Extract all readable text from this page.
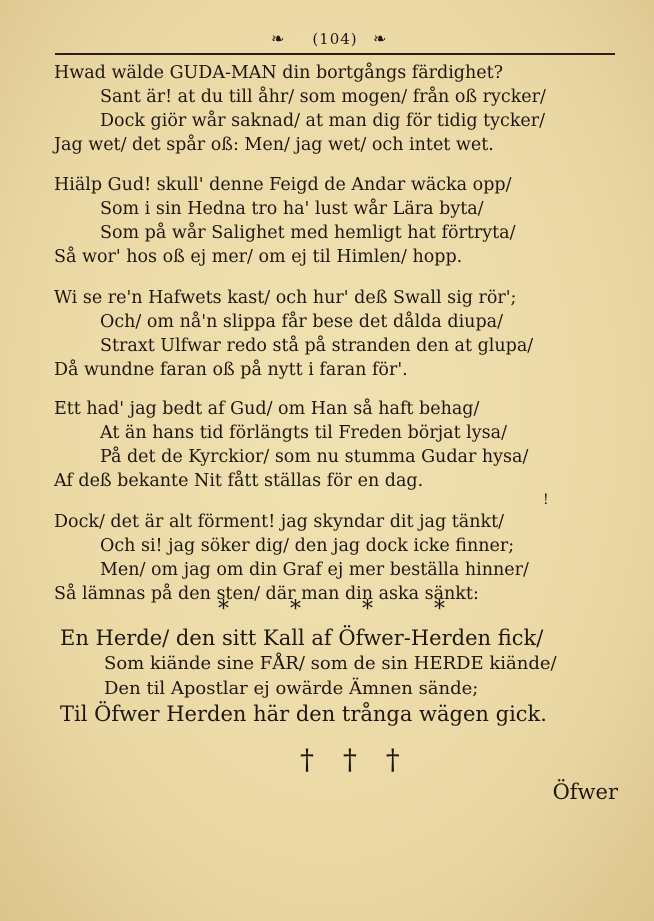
❧	(104) ❧
Hwad wälde GUDA-MAN din bortgångs färdighet?
Sant är! at du till åhr/ som mogen/ från oß rycker/
Dock giör wår saknad/ at man dig för tidig tycker/
Jag wet/ det spår oß: Men/ jag wet/ och intet wet.
Hiälp Gud! skull' denne Feigd de Andar wäcka opp/
Som i sin Hedna tro ha' lust wår Lära byta/
Som på wår Salighet med hemligt hat förtryta/
Så wor' hos oß ej mer/ om ej til Himlen/ hopp.
Wi se re'n Hafwets kast/ och hur' deß Swall sig rör';
Och/ om nå'n slippa får bese det dålda diupa/
Straxt Ulfwar redo stå på stranden den at glupa/
Då wundne faran oß på nytt i faran för'.
Ett had' jag bedt af Gud/ om Han så haft behag/
At än hans tid förlängts til Freden börjat lysa/
På det de Kyrckior/ som nu stumma Gudar hysa/
Af deß bekante Nit fått ställas för en dag.
Dock/ det är alt förment! jag skyndar dit jag tänkt/
Och si! jag söker dig/ den jag dock icke finner;
Men/ om jag om din Graf ej mer beställa hinner/
Så lämnas på den sten/ där man din aska sänkt:
!
*	*	*	*
En Herde/ den sitt Kall af Öfwer-Herden fick/
Som kiände sine FÅR/ som de sin HERDE kiände/
Den til Apostlar ej owärde Ämnen sände;
Til Öfwer Herden här den trånga wägen gick.
† † †
Öfwer
